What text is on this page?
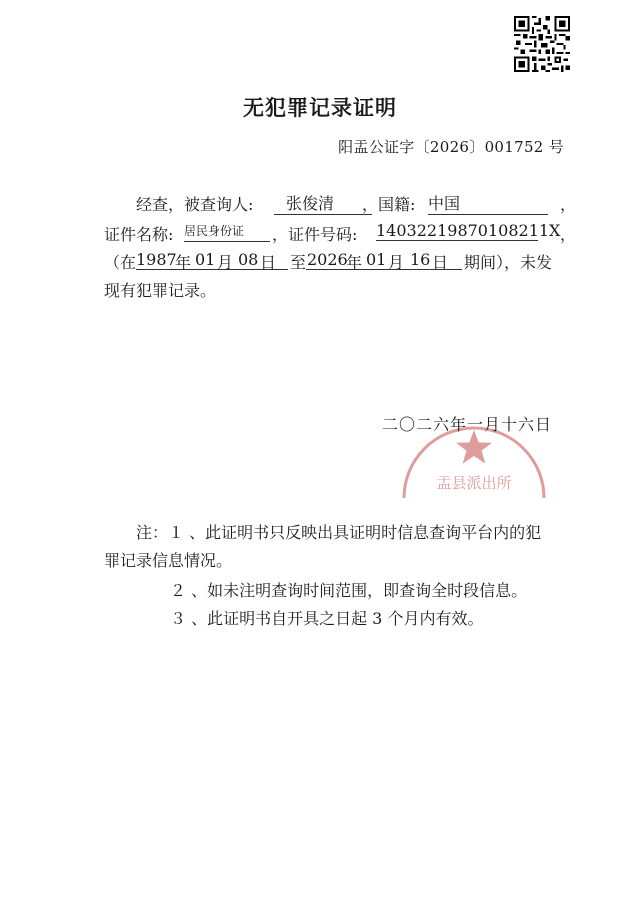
无犯罪记录证明
阳盂公证字〔2026〕001752 号
经查，被查询人:	张俊清	，国籍: 中国	，
证件名称: 居民身份证	，证件号码: 14032219870108211X ，
（在 1987
年 01 月 08 日 至 2026
年 01 月 16 日 期间），未发
现有犯罪记录。
盂县派出所
二〇二六年一月十六日
注：１ 、此证明书只反映出具证明时信息查询平台内的犯
罪记录信息情况。
２ 、如未注明查询时间范围，即查询全时段信息。
３ 、此证明书自开具之日起 3 个月内有效。
